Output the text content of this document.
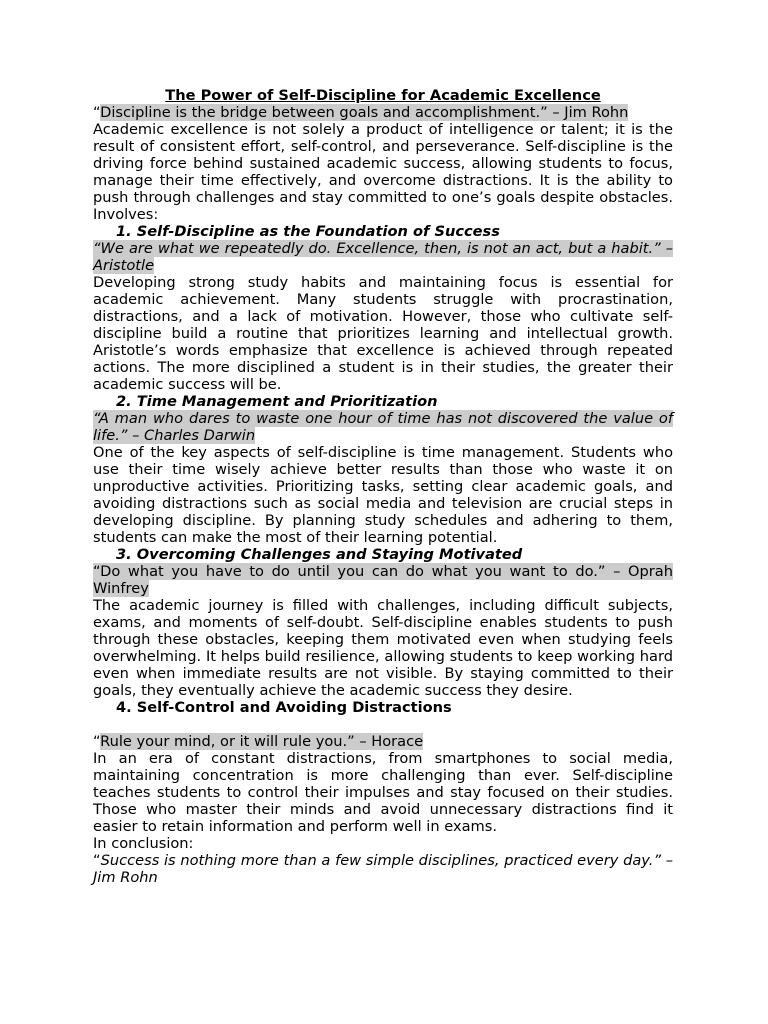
The Power of Self-Discipline for Academic Excellence

“Discipline is the bridge between goals and accomplishment.” – Jim Rohn

Academic excellence is not solely a product of intelligence or talent; it is the result of consistent effort, self-control, and perseverance. Self-discipline is the driving force behind sustained academic success, allowing students to focus, manage their time effectively, and overcome distractions. It is the ability to push through challenges and stay committed to one’s goals despite obstacles. Involves:

1. Self-Discipline as the Foundation of Success

“We are what we repeatedly do. Excellence, then, is not an act, but a habit.” – Aristotle

Developing strong study habits and maintaining focus is essential for academic achievement. Many students struggle with procrastination, distractions, and a lack of motivation. However, those who cultivate self-discipline build a routine that prioritizes learning and intellectual growth. Aristotle’s words emphasize that excellence is achieved through repeated actions. The more disciplined a student is in their studies, the greater their academic success will be.

2. Time Management and Prioritization

“A man who dares to waste one hour of time has not discovered the value of life.” – Charles Darwin

One of the key aspects of self-discipline is time management. Students who use their time wisely achieve better results than those who waste it on unproductive activities. Prioritizing tasks, setting clear academic goals, and avoiding distractions such as social media and television are crucial steps in developing discipline. By planning study schedules and adhering to them, students can make the most of their learning potential.

3. Overcoming Challenges and Staying Motivated

“Do what you have to do until you can do what you want to do.” – Oprah Winfrey

The academic journey is filled with challenges, including difficult subjects, exams, and moments of self-doubt. Self-discipline enables students to push through these obstacles, keeping them motivated even when studying feels overwhelming. It helps build resilience, allowing students to keep working hard even when immediate results are not visible. By staying committed to their goals, they eventually achieve the academic success they desire.

4. Self-Control and Avoiding Distractions

“Rule your mind, or it will rule you.” – Horace

In an era of constant distractions, from smartphones to social media, maintaining concentration is more challenging than ever. Self-discipline teaches students to control their impulses and stay focused on their studies. Those who master their minds and avoid unnecessary distractions find it easier to retain information and perform well in exams.

In conclusion:

“Success is nothing more than a few simple disciplines, practiced every day.” – Jim Rohn
